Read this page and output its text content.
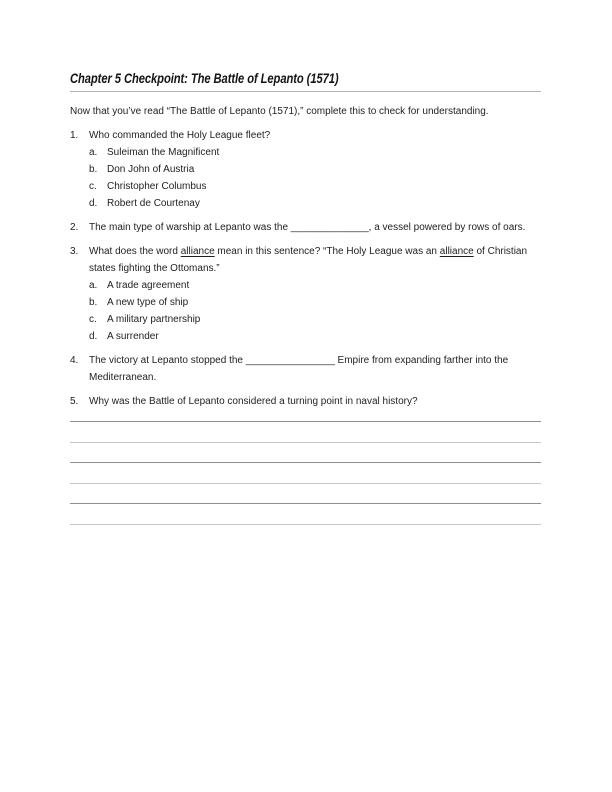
Chapter 5 Checkpoint: The Battle of Lepanto (1571)

Now that you’ve read “The Battle of Lepanto (1571),” complete this to check for understanding.

1.	Who commanded the Holy League fleet?
a. Suleiman the Magnificent
b. Don John of Austria
c.	Christopher Columbus
d. Robert de Courtenay
2.	The main type of warship at Lepanto was the ______________, a vessel powered by rows of oars.
3.	What does the word alliance mean in this sentence? “The Holy League was an alliance of Christian states fighting the Ottomans.”
a. A trade agreement
b. A new type of ship
c.	A military partnership
d. A surrender
4.	The victory at Lepanto stopped the ________________ Empire from expanding farther into the Mediterranean.
5.	Why was the Battle of Lepanto considered a turning point in naval history?
